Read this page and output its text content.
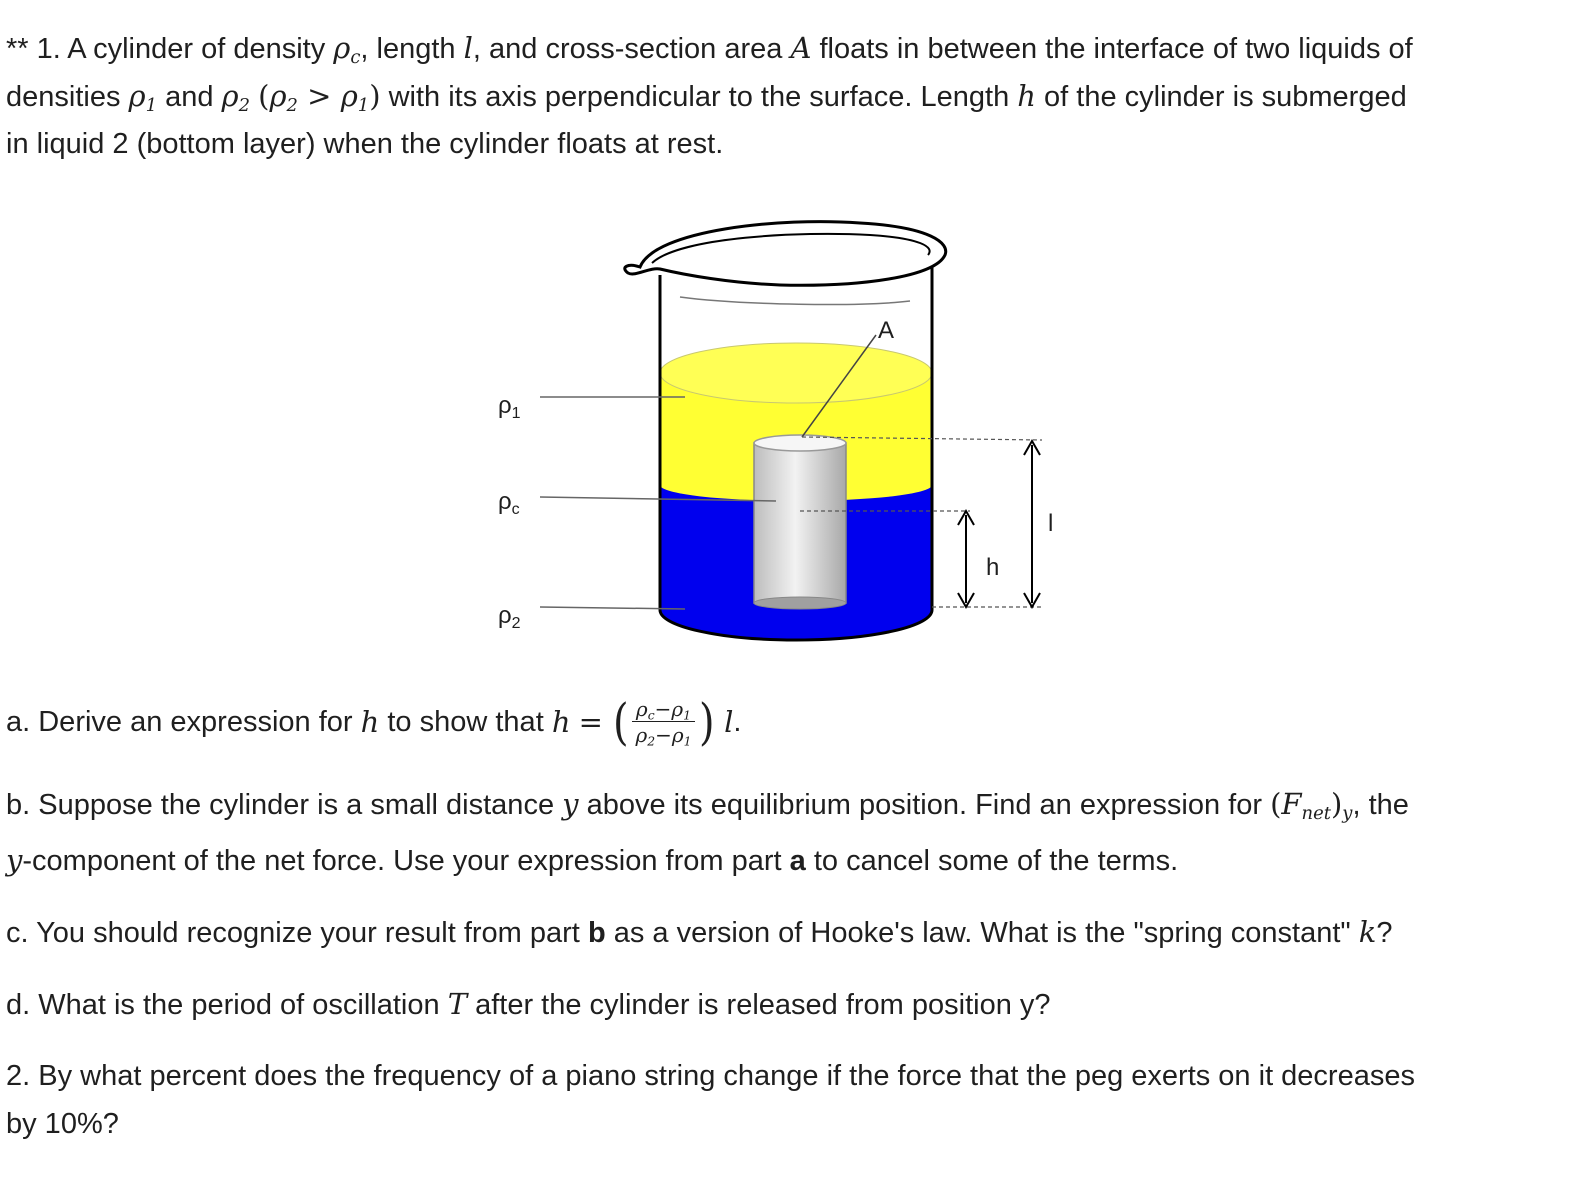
** 1. A cylinder of density $\rho_c$, length l, and cross-section area A floats in between the interface of two liquids of
densities $\rho_1$ and $\rho_2$ $(\rho_2 > \rho_1)$ with its axis perpendicular to the surface. Length h of the cylinder is submerged
in liquid 2 (bottom layer) when the cylinder floats at rest.
A
h
l
$\rho_1$
$\rho_c$
$\rho_2$
a. Derive an expression for
h
to show that
h
=
( $\frac{\rho_c-\rho_1}{\rho_2-\rho_1}$ )
l .
b. Suppose the cylinder is a small distance y above its equilibrium position. Find an expression for $(F_{net})_y$, the
y-component of the net force. Use your expression from part a to cancel some of the terms.
c. You should recognize your result from part b as a version of Hooke's law. What is the "spring constant" k?
d. What is the period of oscillation T after the cylinder is released from position y?
2. By what percent does the frequency of a piano string change if the force that the peg exerts on it decreases
by 10%?
